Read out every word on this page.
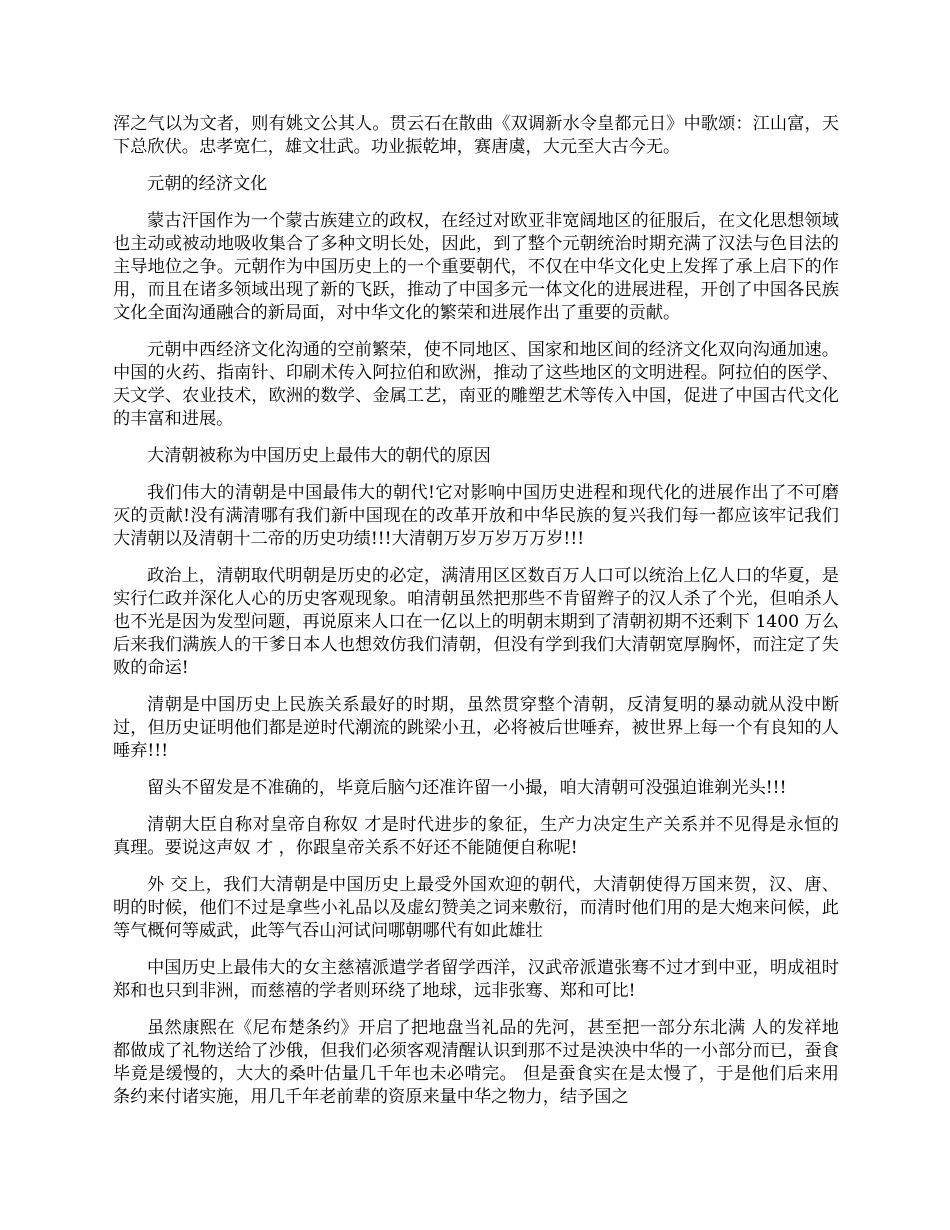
浑之气以为文者，则有姚文公其人。贯云石在散曲《双调新水令皇都元日》中歌颂：江山富，天下总欣伏。忠孝宽仁，雄文壮武。功业振乾坤，赛唐虞，大元至大古今无。

元朝的经济文化

蒙古汗国作为一个蒙古族建立的政权，在经过对欧亚非宽阔地区的征服后，在文化思想领域也主动或被动地吸收集合了多种文明长处，因此，到了整个元朝统治时期充满了汉法与色目法的主导地位之争。元朝作为中国历史上的一个重要朝代，不仅在中华文化史上发挥了承上启下的作用，而且在诸多领域出现了新的飞跃，推动了中国多元一体文化的进展进程，开创了中国各民族文化全面沟通融合的新局面，对中华文化的繁荣和进展作出了重要的贡献。

元朝中西经济文化沟通的空前繁荣，使不同地区、国家和地区间的经济文化双向沟通加速。中国的火药、指南针、印刷术传入阿拉伯和欧洲，推动了这些地区的文明进程。阿拉伯的医学、天文学、农业技术，欧洲的数学、金属工艺，南亚的雕塑艺术等传入中国，促进了中国古代文化的丰富和进展。

大清朝被称为中国历史上最伟大的朝代的原因

我们伟大的清朝是中国最伟大的朝代!它对影响中国历史进程和现代化的进展作出了不可磨灭的贡献!没有满清哪有我们新中国现在的改革开放和中华民族的复兴我们每一都应该牢记我们大清朝以及清朝十二帝的历史功绩!!!大清朝万岁万岁万万岁!!!

政治上，清朝取代明朝是历史的必定，满清用区区数百万人口可以统治上亿人口的华夏，是实行仁政并深化人心的历史客观现象。咱清朝虽然把那些不肯留辫子的汉人杀了个光，但咱杀人也不光是因为发型问题，再说原来人口在一亿以上的明朝末期到了清朝初期不还剩下 1400 万么后来我们满族人的干爹日本人也想效仿我们清朝，但没有学到我们大清朝宽厚胸怀，而注定了失败的命运!

清朝是中国历史上民族关系最好的时期，虽然贯穿整个清朝，反清复明的暴动就从没中断过，但历史证明他们都是逆时代潮流的跳梁小丑，必将被后世唾弃，被世界上每一个有良知的人唾弃!!!

留头不留发是不准确的，毕竟后脑勺还准许留一小撮，咱大清朝可没强迫谁剃光头!!!

清朝大臣自称对皇帝自称奴 才是时代进步的象征，生产力决定生产关系并不见得是永恒的真理。要说这声奴 才 ，你跟皇帝关系不好还不能随便自称呢!

外 交上，我们大清朝是中国历史上最受外国欢迎的朝代，大清朝使得万国来贺，汉、唐、明的时候，他们不过是拿些小礼品以及虚幻赞美之词来敷衍，而清时他们用的是大炮来问候，此等气概何等威武，此等气吞山河试问哪朝哪代有如此雄壮

中国历史上最伟大的女主慈禧派遣学者留学西洋，汉武帝派遣张骞不过才到中亚，明成祖时郑和也只到非洲，而慈禧的学者则环绕了地球，远非张骞、郑和可比!

虽然康熙在《尼布楚条约》开启了把地盘当礼品的先河，甚至把一部分东北满 人的发祥地都做成了礼物送给了沙俄，但我们必须客观清醒认识到那不过是泱泱中华的一小部分而已，蚕食毕竟是缓慢的，大大的桑叶估量几千年也未必啃完。 但是蚕食实在是太慢了，于是他们后来用条约来付诸实施，用几千年老前辈的资原来量中华之物力，结予国之
